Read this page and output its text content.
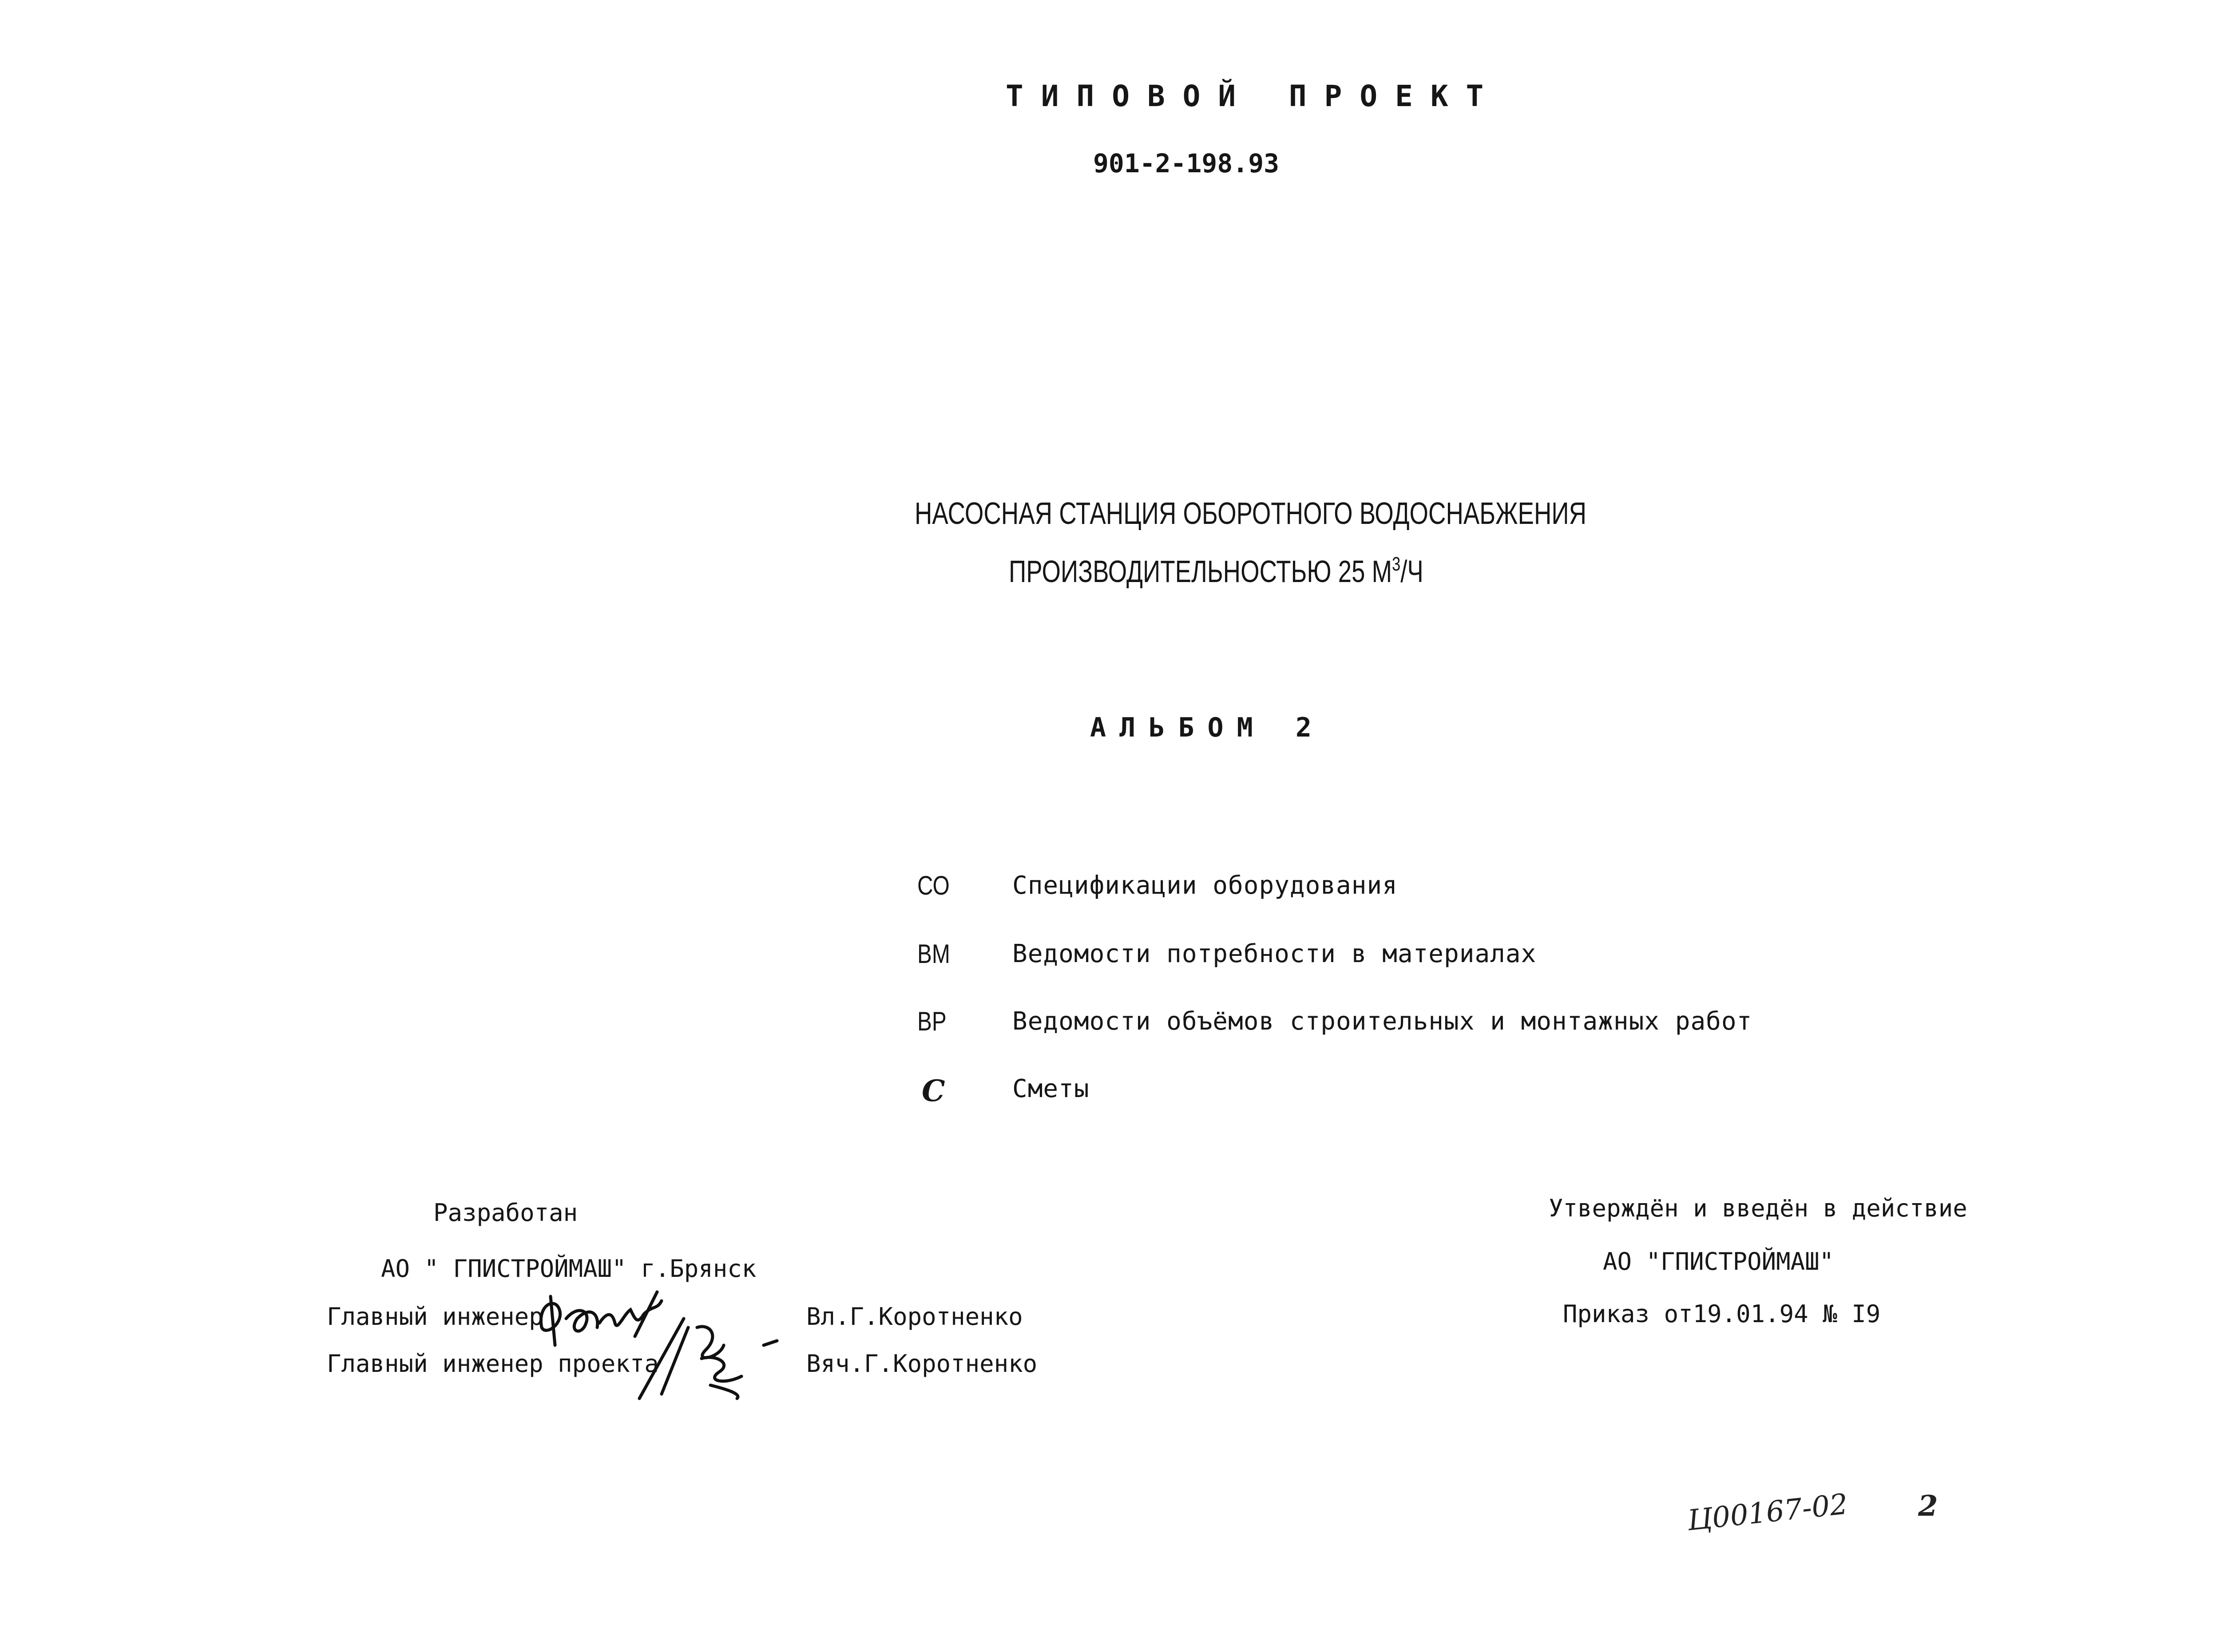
ТИПОВОЙ ПРОЕКТ
901-2-198.93
НАСОСНАЯ СТАНЦИЯ ОБОРОТНОГО ВОДОСНАБЖЕНИЯ
ПРОИЗВОДИТЕЛЬНОСТЬЮ 25 $М^3/Ч$
АЛЬБОМ 2
СО	Спецификации оборудования
ВМ	Ведомости потребности в материалах
ВР	Ведомости объёмов строительных и монтажных работ
С	Сметы
Разработан
АО " ГПИСТРОЙМАШ" г.Брянск
Главный инженер	Вл.Г.Коротненко
Главный инженер проекта	Вяч.Г.Коротненко
Утверждён и введён в действие
АО "ГПИСТРОЙМАШ"
Приказ от19.01.94 № I9
Ц00167-02 2
